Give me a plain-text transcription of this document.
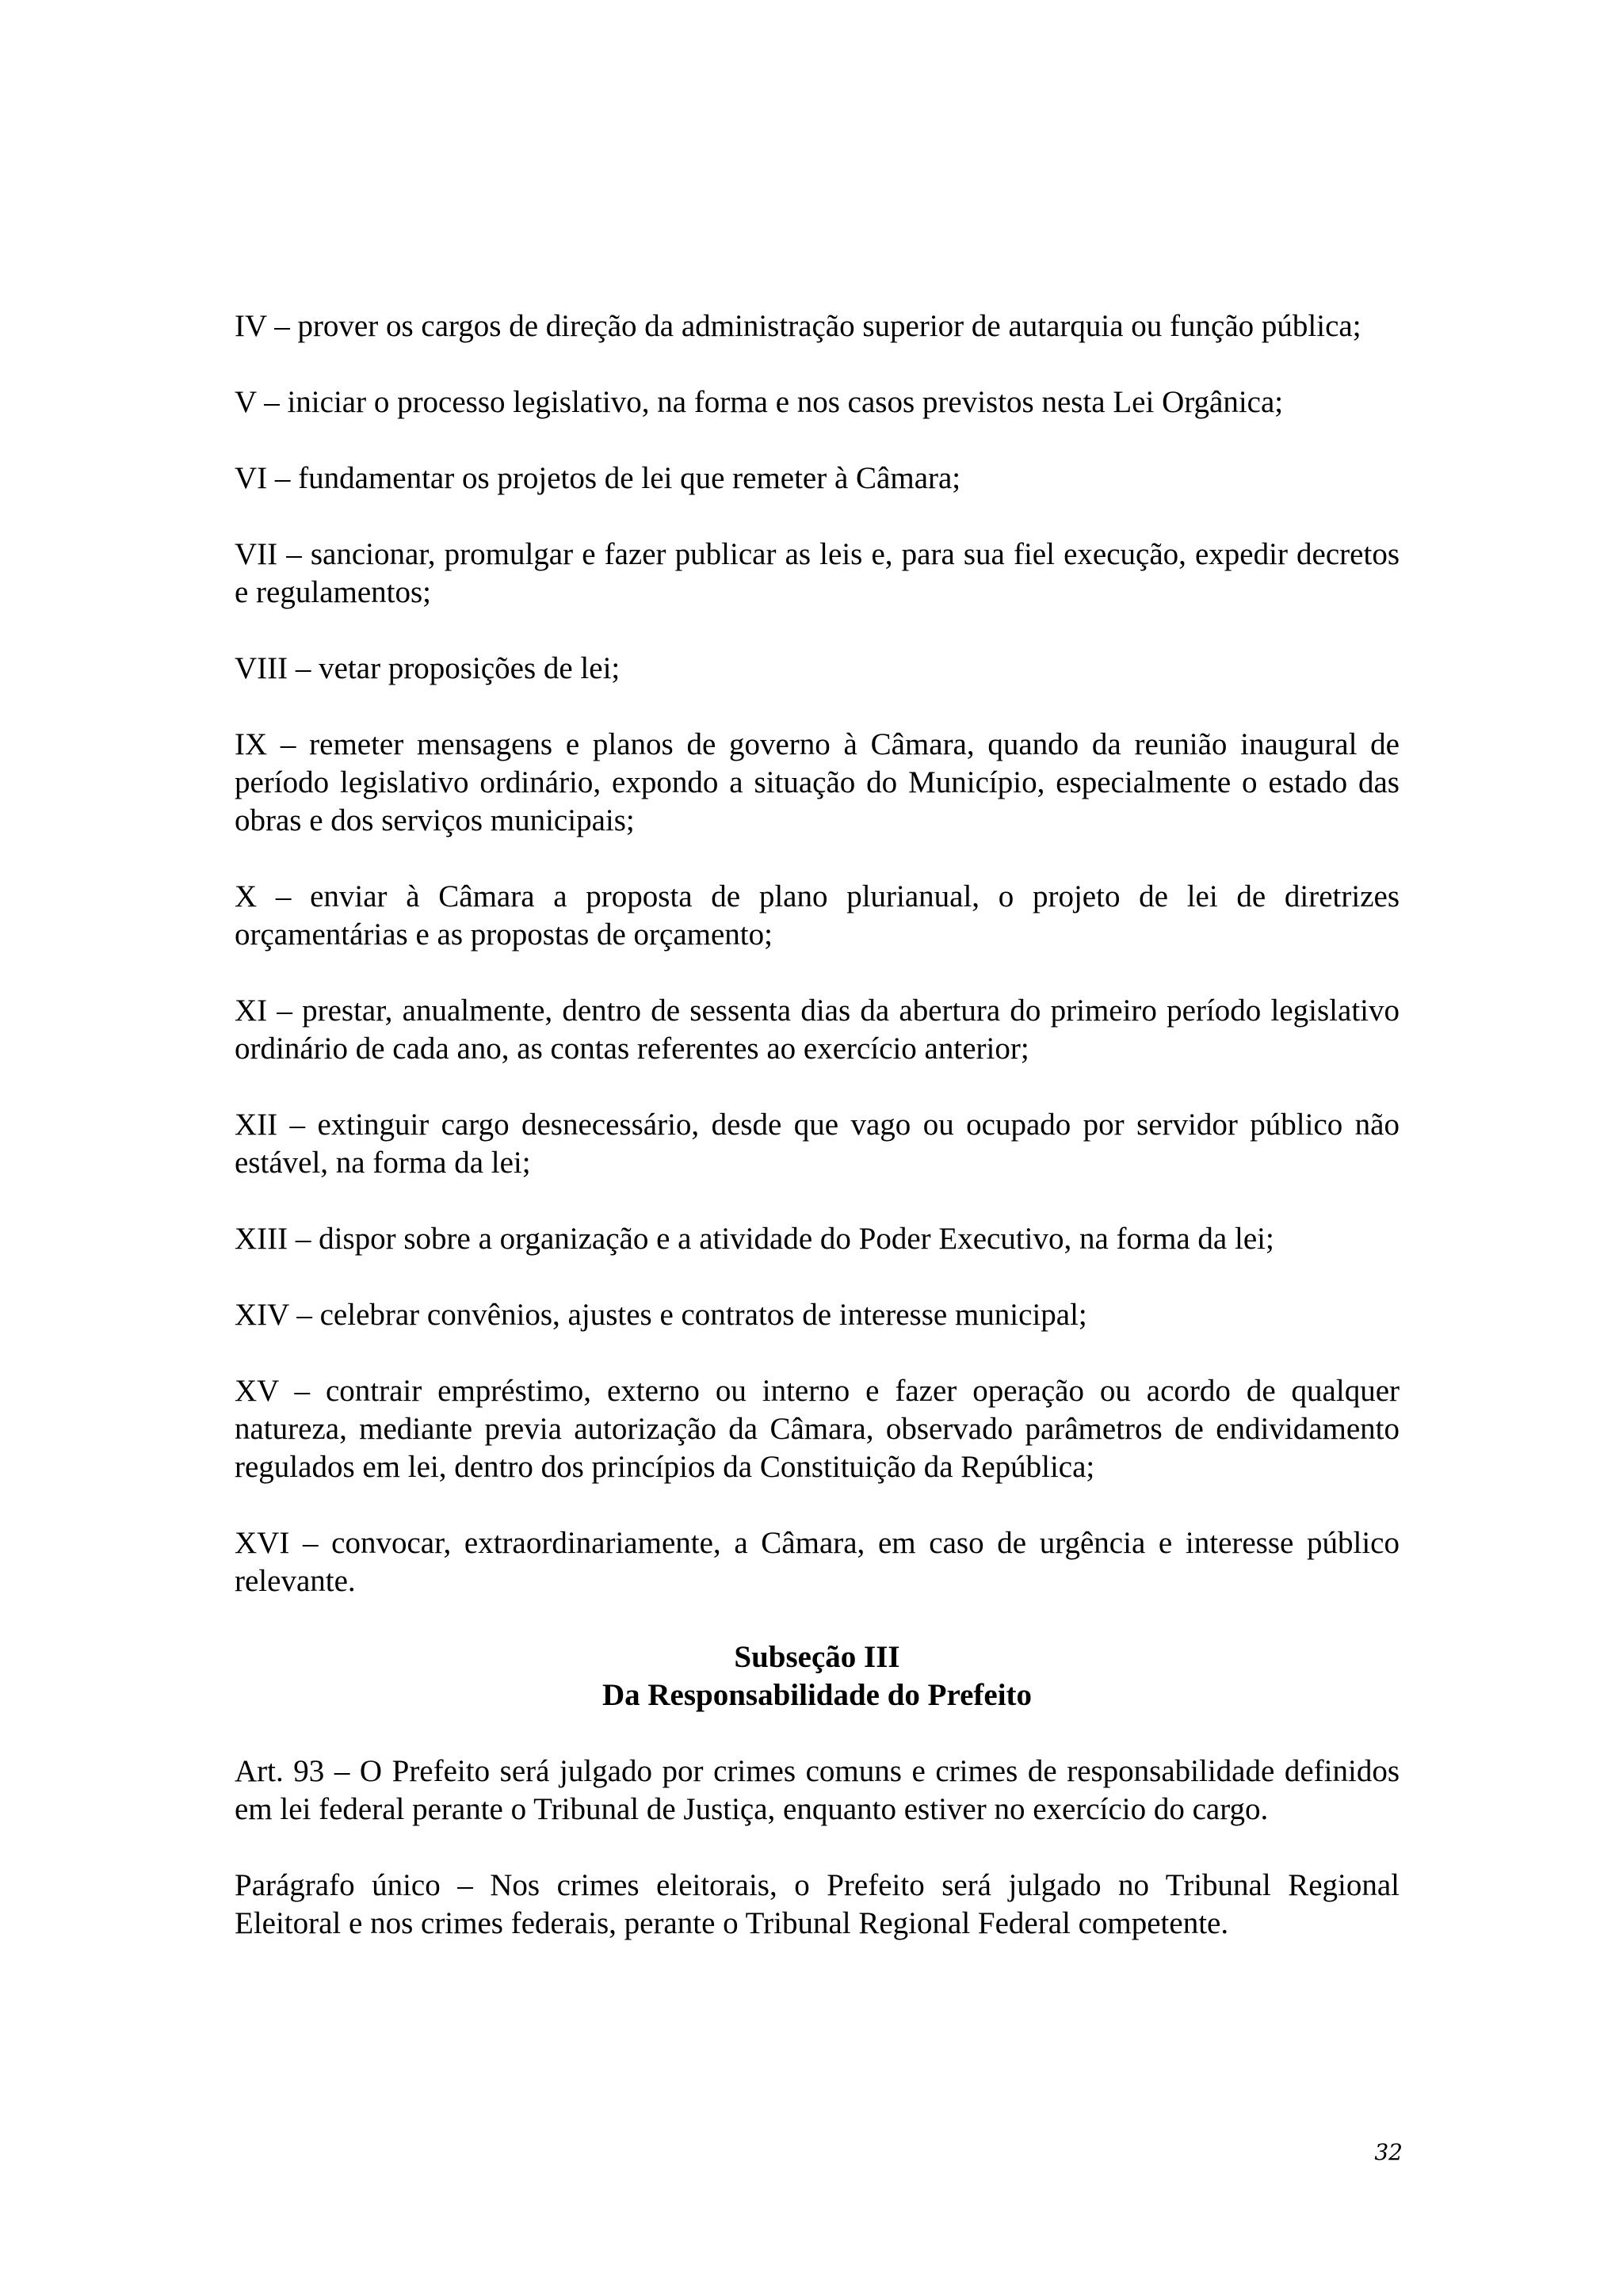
IV – prover os cargos de direção da administração superior de autarquia ou função pública;

V – iniciar o processo legislativo, na forma e nos casos previstos nesta Lei Orgânica;

VI – fundamentar os projetos de lei que remeter à Câmara;

VII – sancionar, promulgar e fazer publicar as leis e, para sua fiel execução, expedir decretos e regulamentos;

VIII – vetar proposições de lei;

IX – remeter mensagens e planos de governo à Câmara, quando da reunião inaugural de período legislativo ordinário, expondo a situação do Município, especialmente o estado das obras e dos serviços municipais;

X – enviar à Câmara a proposta de plano plurianual, o projeto de lei de diretrizes orçamentárias e as propostas de orçamento;

XI – prestar, anualmente, dentro de sessenta dias da abertura do primeiro período legislativo ordinário de cada ano, as contas referentes ao exercício anterior;

XII – extinguir cargo desnecessário, desde que vago ou ocupado por servidor público não estável, na forma da lei;

XIII – dispor sobre a organização e a atividade do Poder Executivo, na forma da lei;

XIV – celebrar convênios, ajustes e contratos de interesse municipal;

XV – contrair empréstimo, externo ou interno e fazer operação ou acordo de qualquer natureza, mediante previa autorização da Câmara, observado parâmetros de endividamento regulados em lei, dentro dos princípios da Constituição da República;

XVI – convocar, extraordinariamente, a Câmara, em caso de urgência e interesse público relevante.

Subseção III
Da Responsabilidade do Prefeito

Art. 93 – O Prefeito será julgado por crimes comuns e crimes de responsabilidade definidos em lei federal perante o Tribunal de Justiça, enquanto estiver no exercício do cargo.

Parágrafo único – Nos crimes eleitorais, o Prefeito será julgado no Tribunal Regional Eleitoral e nos crimes federais, perante o Tribunal Regional Federal competente.

32
